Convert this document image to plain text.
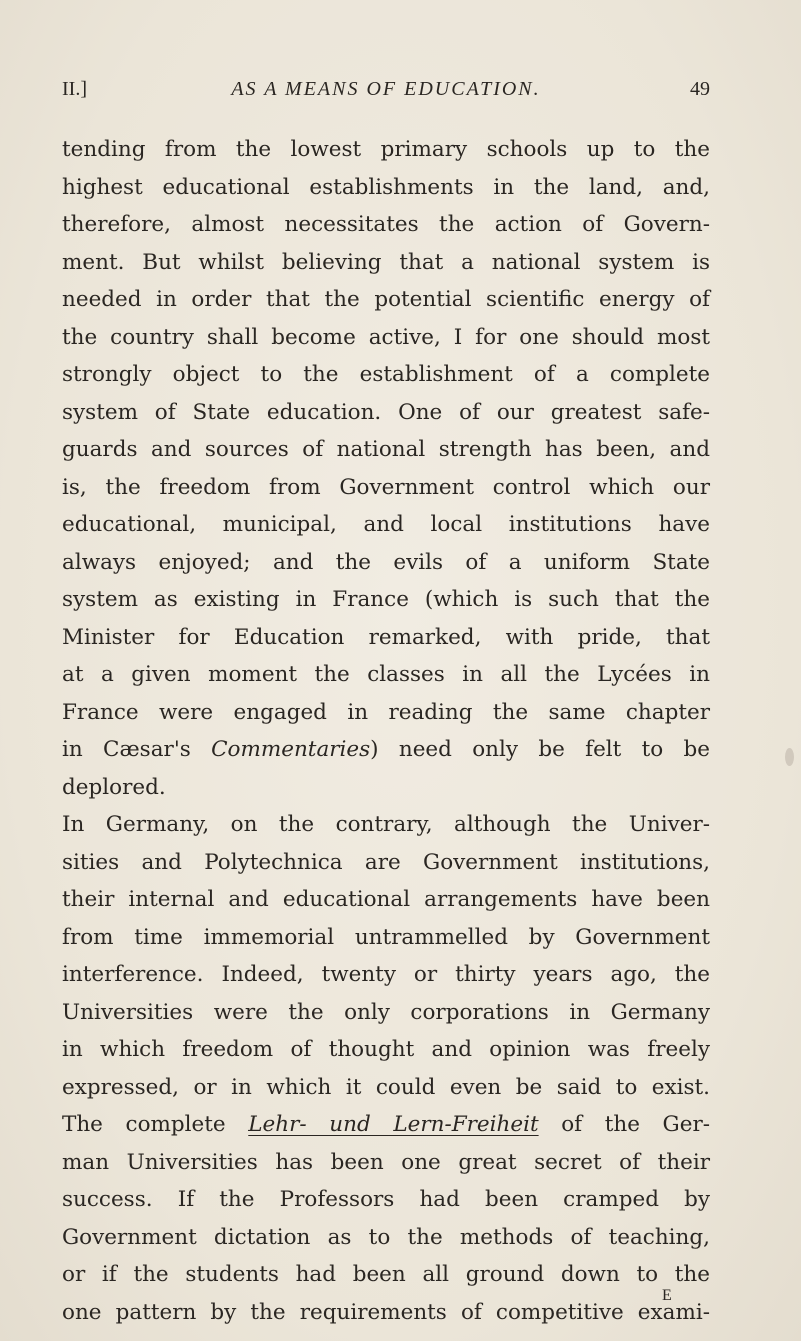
II.]	AS A MEANS OF EDUCATION.	49
tending from the lowest primary schools up to the
highest educational establishments in the land, and,
therefore, almost necessitates the action of Govern-
ment. But whilst believing that a national system is
needed in order that the potential scientific energy of
the country shall become active, I for one should most
strongly object to the establishment of a complete
system of State education. One of our greatest safe-
guards and sources of national strength has been, and
is, the freedom from Government control which our
educational, municipal, and local institutions have
always enjoyed; and the evils of a uniform State
system as existing in France (which is such that the
Minister for Education remarked, with pride, that
at a given moment the classes in all the Lycées in
France were engaged in reading the same chapter
in Cæsar's Commentaries) need only be felt to be
deplored.
In Germany, on the contrary, although the Univer-
sities and Polytechnica are Government institutions,
their internal and educational arrangements have been
from time immemorial untrammelled by Government
interference. Indeed, twenty or thirty years ago, the
Universities were the only corporations in Germany
in which freedom of thought and opinion was freely
expressed, or in which it could even be said to exist.
The complete Lehr- und Lern-Freiheit of the Ger-
man Universities has been one great secret of their
success. If the Professors had been cramped by
Government dictation as to the methods of teaching,
or if the students had been all ground down to the
one pattern by the requirements of competitive exami-
E
